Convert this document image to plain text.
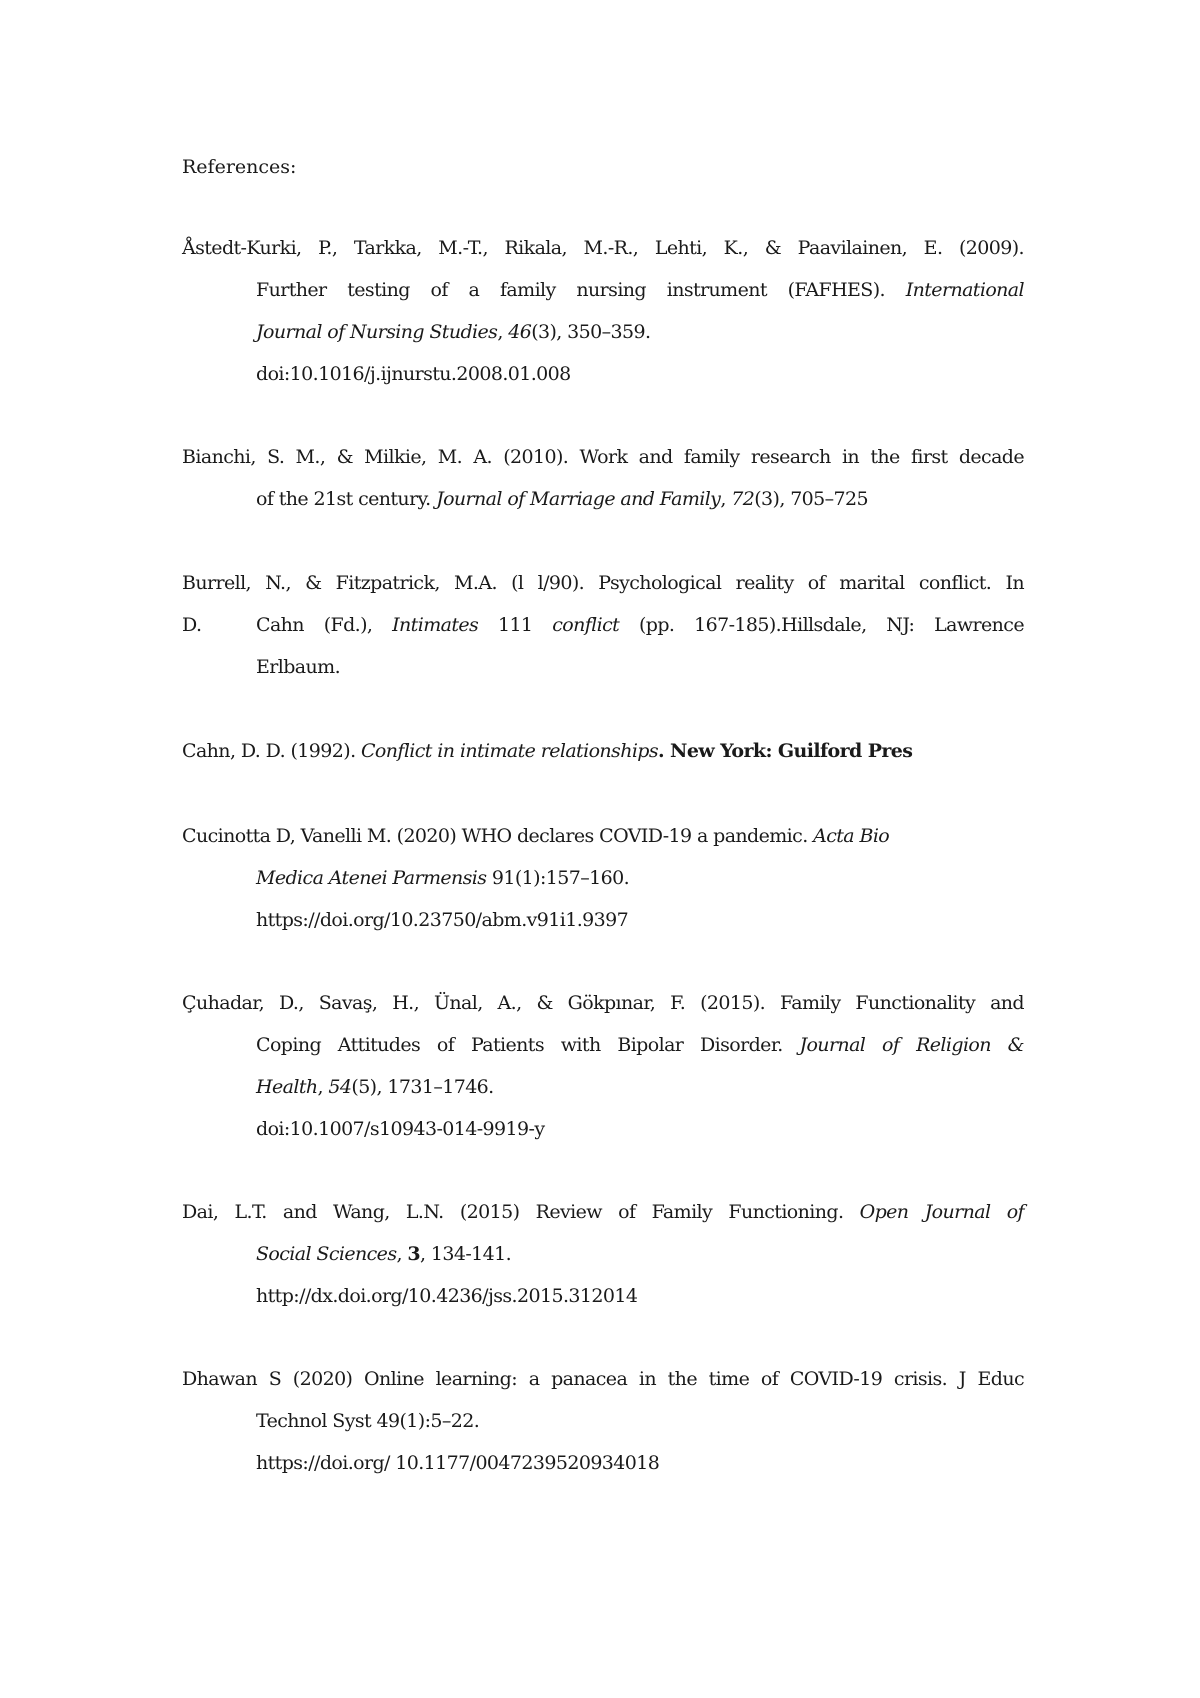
References:

Åstedt-Kurki, P., Tarkka, M.-T., Rikala, M.-R., Lehti, K., & Paavilainen, E. (2009).
Further testing of a family nursing instrument (FAFHES). International
Journal of Nursing Studies, 46(3), 350–359.
doi:10.1016/j.ijnurstu.2008.01.008
Bianchi, S. M., & Milkie, M. A. (2010). Work and family research in the first decade
of the 21st century. Journal of Marriage and Family, 72(3), 705–725
Burrell, N., & Fitzpatrick, M.A. (l l/90). Psychological reality of marital conflict. In
D.	Cahn (Fd.), Intimates 111 conflict (pp. 167-185).Hillsdale, NJ: Lawrence
Erlbaum.
Cahn, D. D. (1992). Conflict in intimate relationships. New York: Guilford Pres
Cucinotta D, Vanelli M. (2020) WHO declares COVID-19 a pandemic. Acta Bio
Medica Atenei Parmensis 91(1):157–160.
https://doi.org/10.23750/abm.v91i1.9397
Çuhadar, D., Savaş, H., Ünal, A., & Gökpınar, F. (2015). Family Functionality and
Coping Attitudes of Patients with Bipolar Disorder. Journal of Religion &
Health, 54(5), 1731–1746.
doi:10.1007/s10943-014-9919-y
Dai, L.T. and Wang, L.N. (2015) Review of Family Functioning. Open Journal of
Social Sciences, 3, 134-141.
http://dx.doi.org/10.4236/jss.2015.312014
Dhawan S (2020) Online learning: a panacea in the time of COVID-19 crisis. J Educ
Technol Syst 49(1):5–22.
https://doi.org/ 10.1177/0047239520934018
